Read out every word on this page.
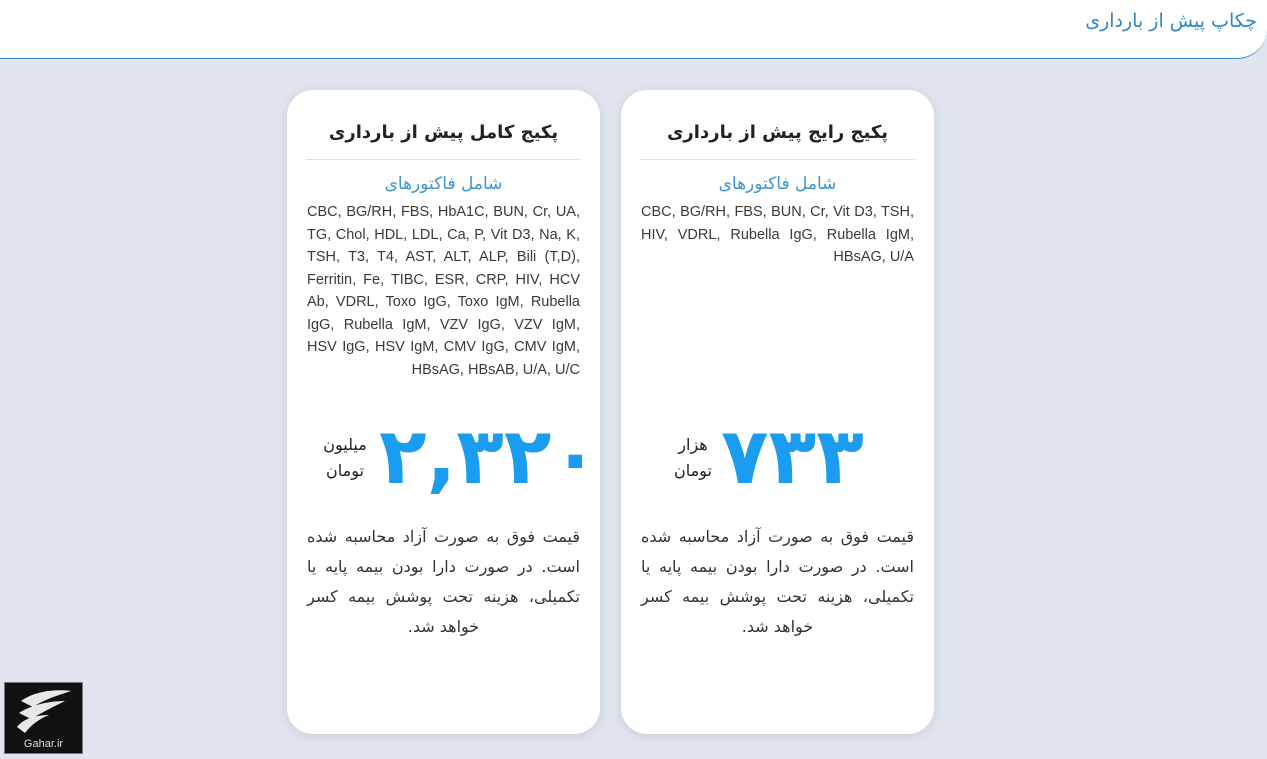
چکاپ پیش از بارداری
پکیج کامل پیش از بارداری
شامل فاکتورهای
CBC, BG/RH, FBS, HbA1C, BUN, Cr, UA, TG, Chol, HDL, LDL, Ca, P, Vit D3, Na, K, TSH, T3, T4, AST, ALT, ALP, Bili (T,D), Ferritin, Fe, TIBC, ESR, CRP, HIV, HCV Ab, VDRL, Toxo IgG, Toxo IgM, Rubella IgG, Rubella IgM, VZV IgG, VZV IgM, HSV IgG, HSV IgM, CMV IgG, CMV IgM, HBsAG, HBsAB, U/A, U/C
۲,۳۲۰
میلیون
تومان
قیمت فوق به صورت آزاد محاسبه شده است. در صورت دارا بودن بیمه پایه یا تکمیلی، هزینه تحت پوشش بیمه کسر خواهد شد.
پکیج رایج پیش از بارداری
شامل فاکتورهای
CBC, BG/RH, FBS, BUN, Cr, Vit D3, TSH, HIV, VDRL, Rubella IgG, Rubella IgM, HBsAG, U/A
۷۳۳
هزار
تومان
قیمت فوق به صورت آزاد محاسبه شده است. در صورت دارا بودن بیمه پایه یا تکمیلی، هزینه تحت پوشش بیمه کسر خواهد شد.
Gahar.ir
